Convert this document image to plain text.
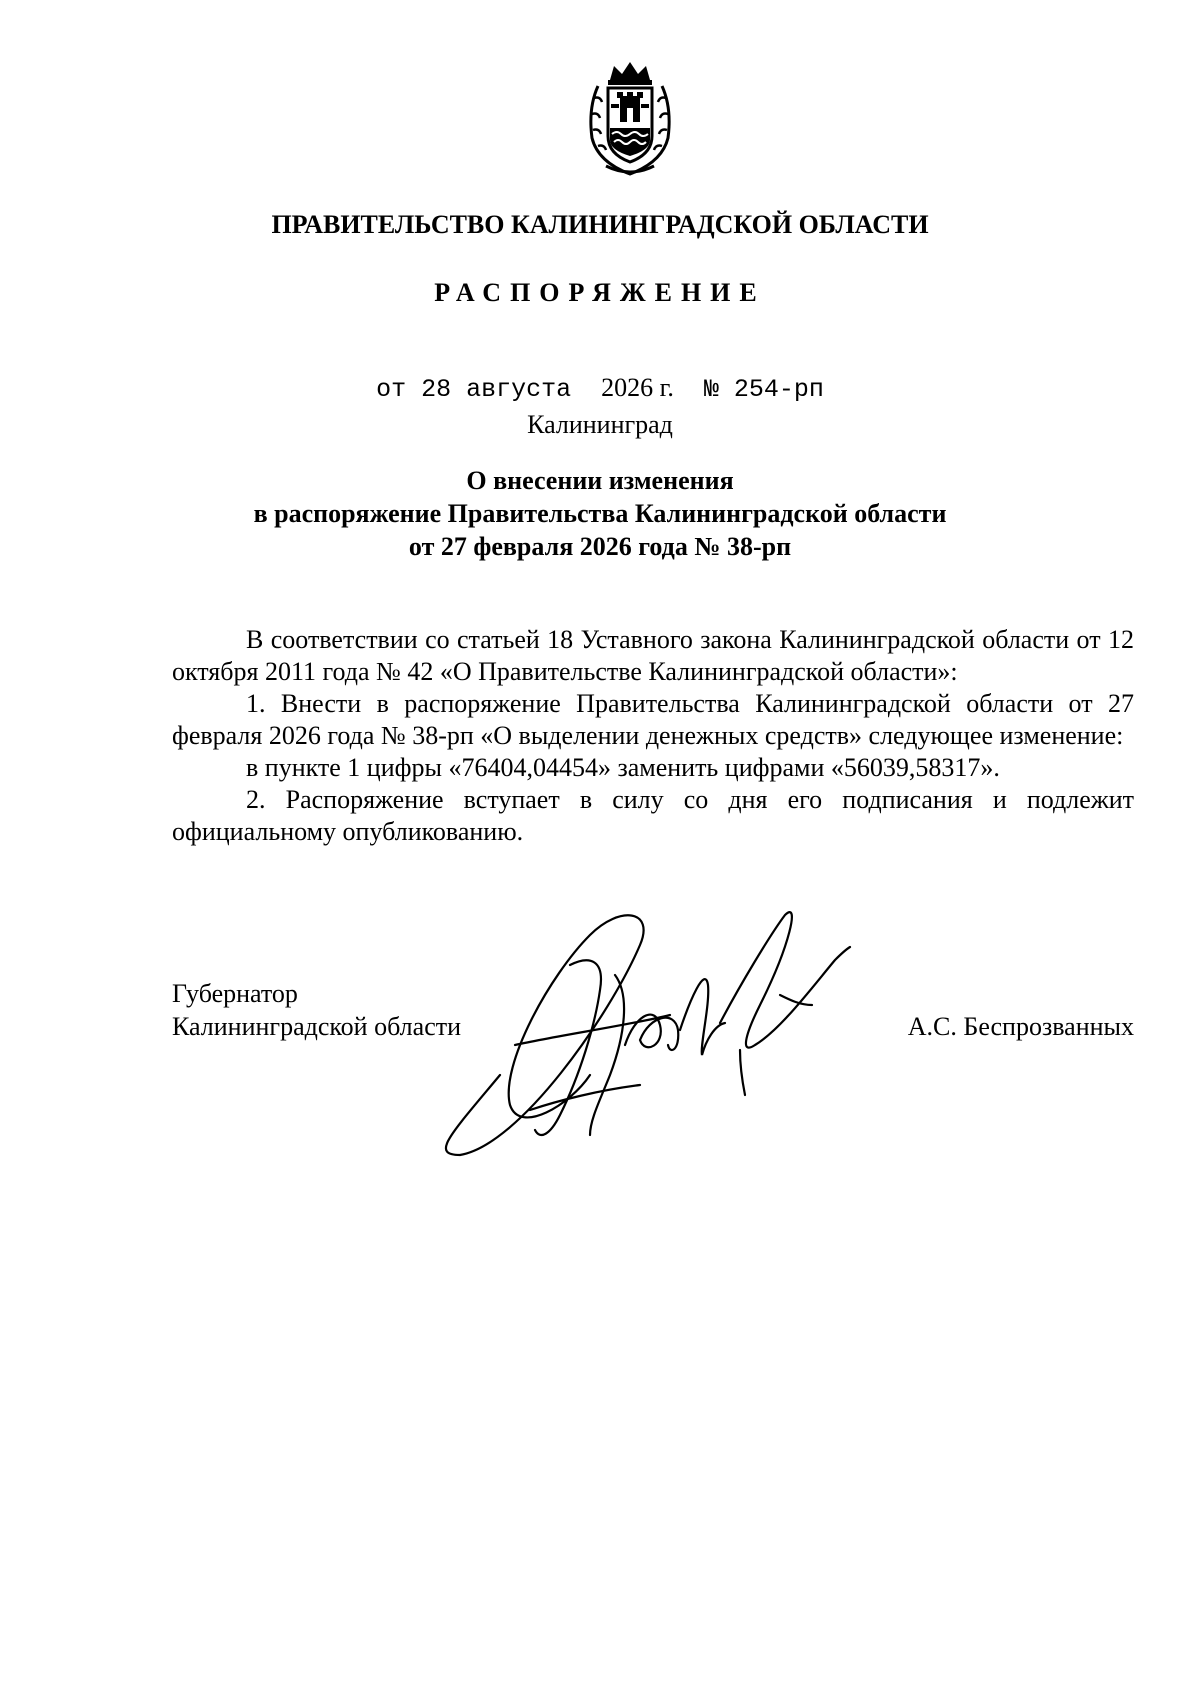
ПРАВИТЕЛЬСТВО КАЛИНИНГРАДСКОЙ ОБЛАСТИ
РАСПОРЯЖЕНИЕ
от 28 августа 2026 г. № 254-рп
Калининград
О внесении изменения
в распоряжение Правительства Калининградской области
от 27 февраля 2026 года № 38-рп

В соответствии со статьей 18 Уставного закона Калининградской области от 12 октября 2011 года № 42 «О Правительстве Калининградской области»:

1. Внести в распоряжение Правительства Калининградской области от 27 февраля 2026 года № 38-рп «О выделении денежных средств» следующее изменение:

в пункте 1 цифры «76404,04454» заменить цифрами «56039,58317».

2. Распоряжение вступает в силу со дня его подписания и подлежит официальному опубликованию.

Губернатор
Калининградской области	А.С. Беспрозванных
